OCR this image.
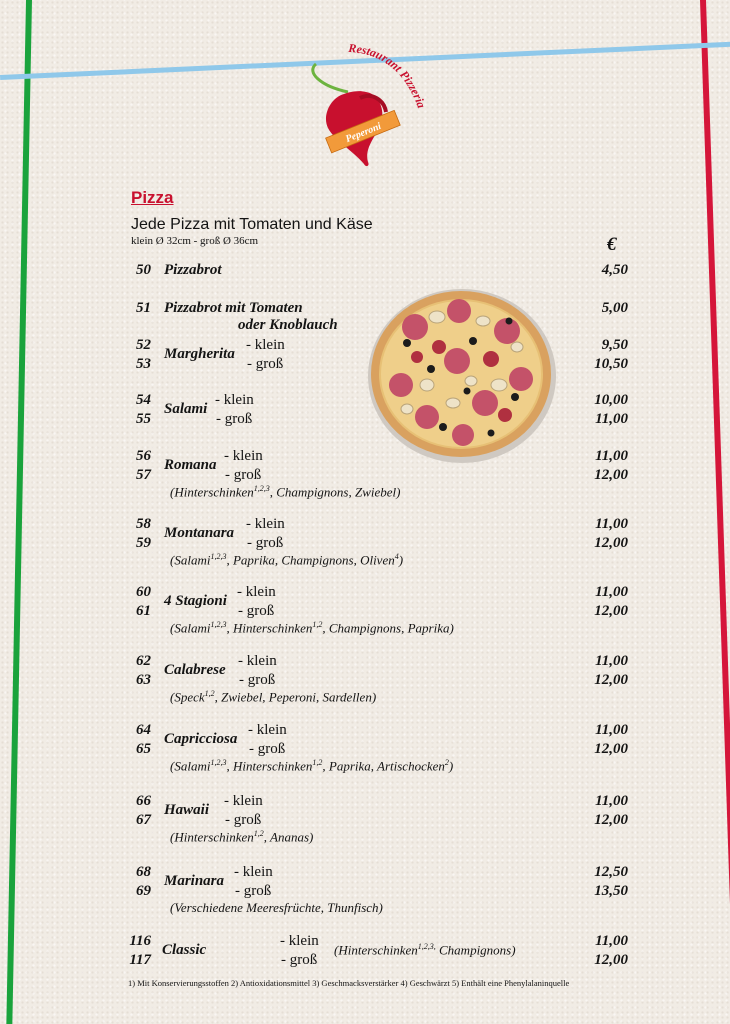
Restaurant Pizzeria
Peperoni
Pizza
Jede Pizza mit Tomaten und Käse
klein Ø 32cm - groß Ø 36cm	€
50 Pizzabrot	4,50
51 Pizzabrot mit Tomaten
oder Knoblauch
5,00
52
53
Margherita
- klein
- groß
9,50
10,50
54
55
Salami
- klein
- groß
10,00
11,00
56
57
Romana
- klein
- groß
11,00
12,00
(Hinterschinken$^{1,2,3}$, Champignons, Zwiebel)
58
59
Montanara
- klein
- groß
11,00
12,00
(Salami$^{1,2,3}$, Paprika, Champignons, Oliven$^4$)
60
61
4 Stagioni
- klein
- groß
11,00
12,00
(Salami$^{1,2,3}$, Hinterschinken$^{1,2}$, Champignons, Paprika)
62
63
Calabrese
- klein
- groß
11,00
12,00
(Speck$^{1,2}$, Zwiebel, Peperoni, Sardellen)
64
65
Capricciosa
- klein
- groß
11,00
12,00
(Salami$^{1,2,3}$, Hinterschinken$^{1,2}$, Paprika, Artischocken$^2$)
66
67
Hawaii
- klein
- groß
11,00
12,00
(Hinterschinken$^{1,2}$, Ananas)
68
69
Marinara
- klein
- groß
12,50
13,50
(Verschiedene Meeresfrüchte, Thunfisch)
116
117
Classic
- klein
- groß
11,00
12,00
(Hinterschinken$^{1,2,3,}$ Champignons)
1) Mit Konservierungsstoffen 2) Antioxidationsmittel 3) Geschmacksverstärker 4) Geschwärzt 5) Enthält eine Phenylalaninquelle
